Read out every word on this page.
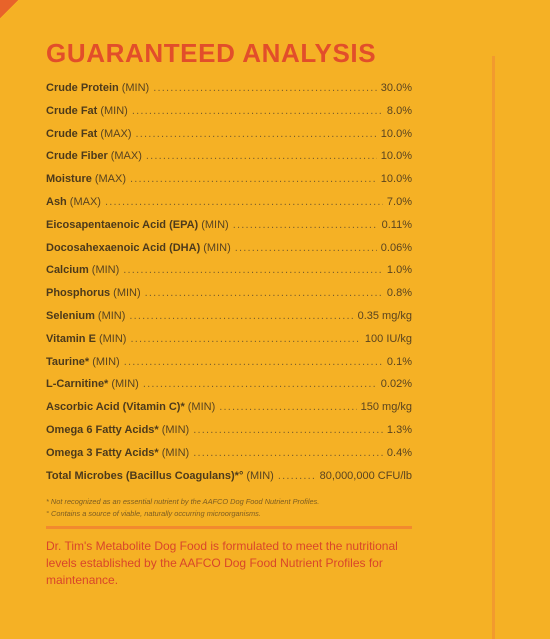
GUARANTEED ANALYSIS
Crude Protein (MIN) .....	30.0%
Crude Fat (MIN) .....	8.0%
Crude Fat (MAX) .....	10.0%
Crude Fiber (MAX) .....	10.0%
Moisture (MAX) .....	10.0%
Ash (MAX) .....	7.0%
Eicosapentaenoic Acid (EPA) (MIN) .....	0.11%
Docosahexaenoic Acid (DHA) (MIN) .....	0.06%
Calcium (MIN) .....	1.0%
Phosphorus (MIN) .....	0.8%
Selenium (MIN) .....	0.35 mg/kg
Vitamin E (MIN) .....	100 IU/kg
Taurine* (MIN) .....	0.1%
L-Carnitine* (MIN) .....	0.02%
Ascorbic Acid (Vitamin C)* (MIN) .....	150 mg/kg
Omega 6 Fatty Acids* (MIN) .....	1.3%
Omega 3 Fatty Acids* (MIN) .....	0.4%
Total Microbes (Bacillus Coagulans)*° (MIN) .....	80,000,000 CFU/lb
* Not recognized as an essential nutrient by the AAFCO Dog Food Nutrient Profiles.
° Contains a source of viable, naturally occurring microorganisms.
Dr. Tim's Metabolite Dog Food is formulated to meet the nutritional levels established by the AAFCO Dog Food Nutrient Profiles for maintenance.
